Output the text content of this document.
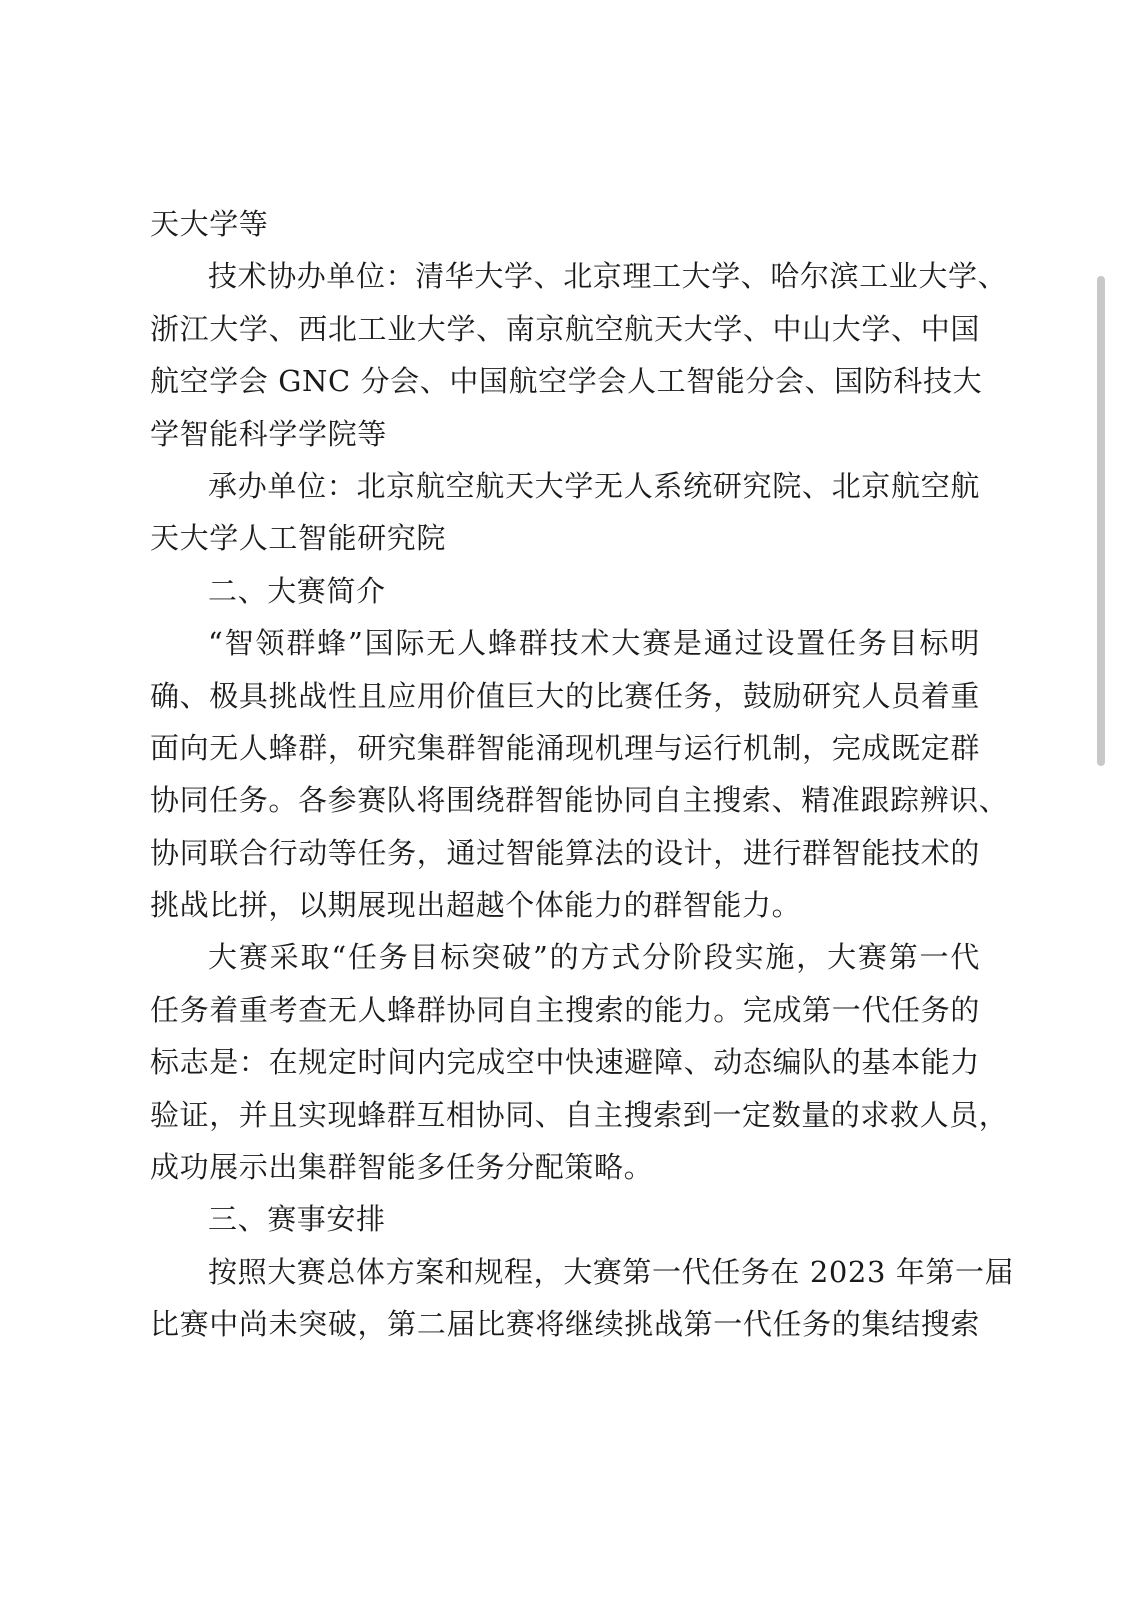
天大学等
技术协办单位：清华大学、北京理工大学、哈尔滨工业大学、
浙江大学、西北工业大学、南京航空航天大学、中山大学、中国
航空学会 GNC 分会、中国航空学会人工智能分会、国防科技大
学智能科学学院等
承办单位：北京航空航天大学无人系统研究院、北京航空航
天大学人工智能研究院
二、大赛简介
“智领群蜂”国际无人蜂群技术大赛是通过设置任务目标明
确、极具挑战性且应用价值巨大的比赛任务，鼓励研究人员着重
面向无人蜂群，研究集群智能涌现机理与运行机制，完成既定群
协同任务。各参赛队将围绕群智能协同自主搜索、精准跟踪辨识、
协同联合行动等任务，通过智能算法的设计，进行群智能技术的
挑战比拼，以期展现出超越个体能力的群智能力。
大赛采取“任务目标突破”的方式分阶段实施，大赛第一代
任务着重考查无人蜂群协同自主搜索的能力。完成第一代任务的
标志是：在规定时间内完成空中快速避障、动态编队的基本能力
验证，并且实现蜂群互相协同、自主搜索到一定数量的求救人员，
成功展示出集群智能多任务分配策略。
三、赛事安排
按照大赛总体方案和规程，大赛第一代任务在 2023 年第一届
比赛中尚未突破，第二届比赛将继续挑战第一代任务的集结搜索
